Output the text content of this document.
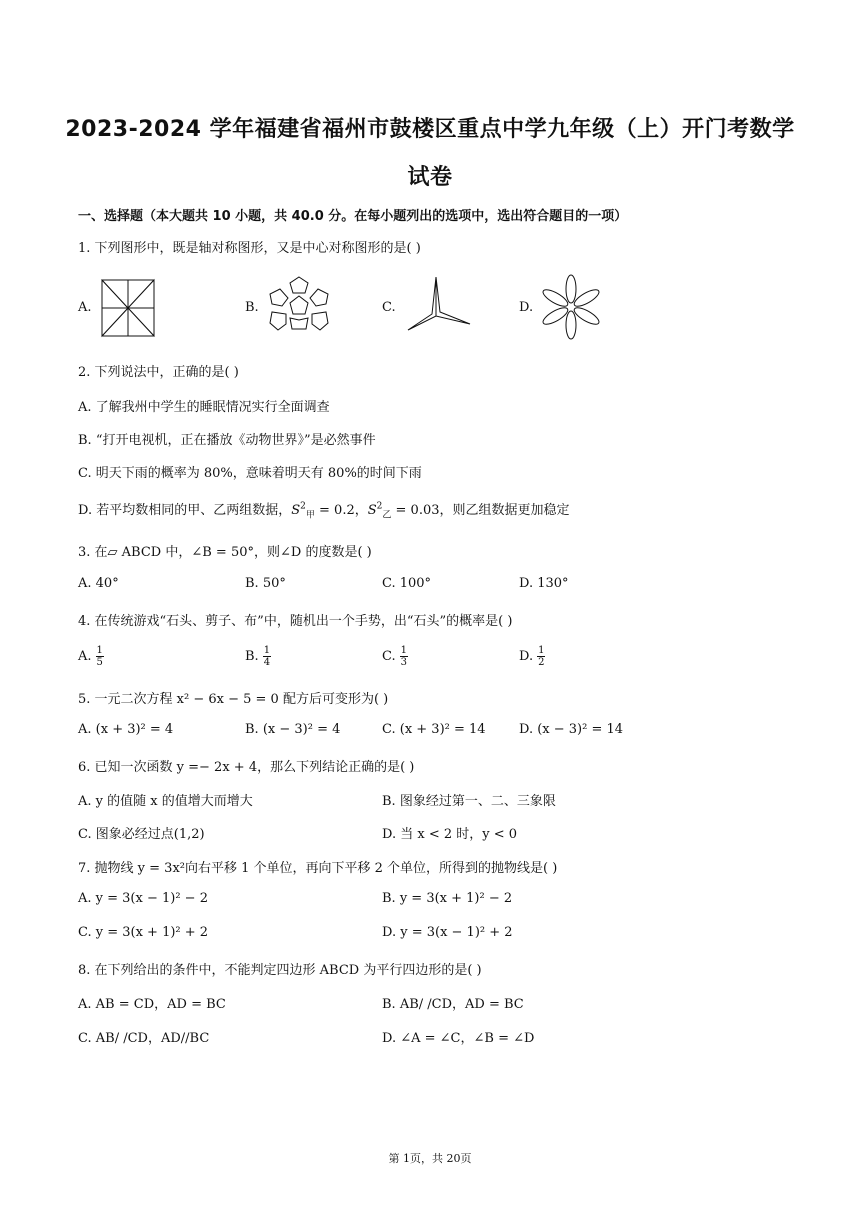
2023-2024 学年福建省福州市鼓楼区重点中学九年级（上）开门考数学
试卷
一、选择题（本大题共 10 小题，共 40.0 分。在每小题列出的选项中，选出符合题目的一项）
1. 下列图形中，既是轴对称图形，又是中心对称图形的是( )
A.	B.	C.	D.
2. 下列说法中，正确的是( )
A. 了解我州中学生的睡眠情况实行全面调查
B. “打开电视机，正在播放《动物世界》”是必然事件
C. 明天下雨的概率为 80%，意味着明天有 80%的时间下雨
D. 若平均数相同的甲、乙两组数据，$S^2_甲 = 0.2$，$S^2_乙 = 0.03$，则乙组数据更加稳定
3. 在▱ ABCD 中，∠B = 50°，则∠D 的度数是( )
A. 40°	B. 50°	C. 100°	D. 130°
4. 在传统游戏“石头、剪子、布”中，随机出一个手势，出“石头”的概率是( )
A. $\frac{1}{5}$	B. $\frac{1}{4}$	C. $\frac{1}{3}$	D. $\frac{1}{2}$
5. 一元二次方程 x² − 6x − 5 = 0 配方后可变形为( )
A. (x + 3)² = 4	B. (x − 3)² = 4	C. (x + 3)² = 14	D. (x − 3)² = 14
6. 已知一次函数 y =− 2x + 4，那么下列结论正确的是( )
A. y 的值随 x 的值增大而增大	B. 图象经过第一、二、三象限
C. 图象必经过点(1,2)	D. 当 x < 2 时，y < 0
7. 抛物线 y = 3x²向右平移 1 个单位，再向下平移 2 个单位，所得到的抛物线是( )
A. y = 3(x − 1)² − 2	B. y = 3(x + 1)² − 2
C. y = 3(x + 1)² + 2	D. y = 3(x − 1)² + 2
8. 在下列给出的条件中，不能判定四边形 ABCD 为平行四边形的是( )
A. AB = CD，AD = BC	B. AB/ /CD，AD = BC
C. AB/ /CD，AD//BC	D. ∠A = ∠C，∠B = ∠D
第 1页，共 20页
